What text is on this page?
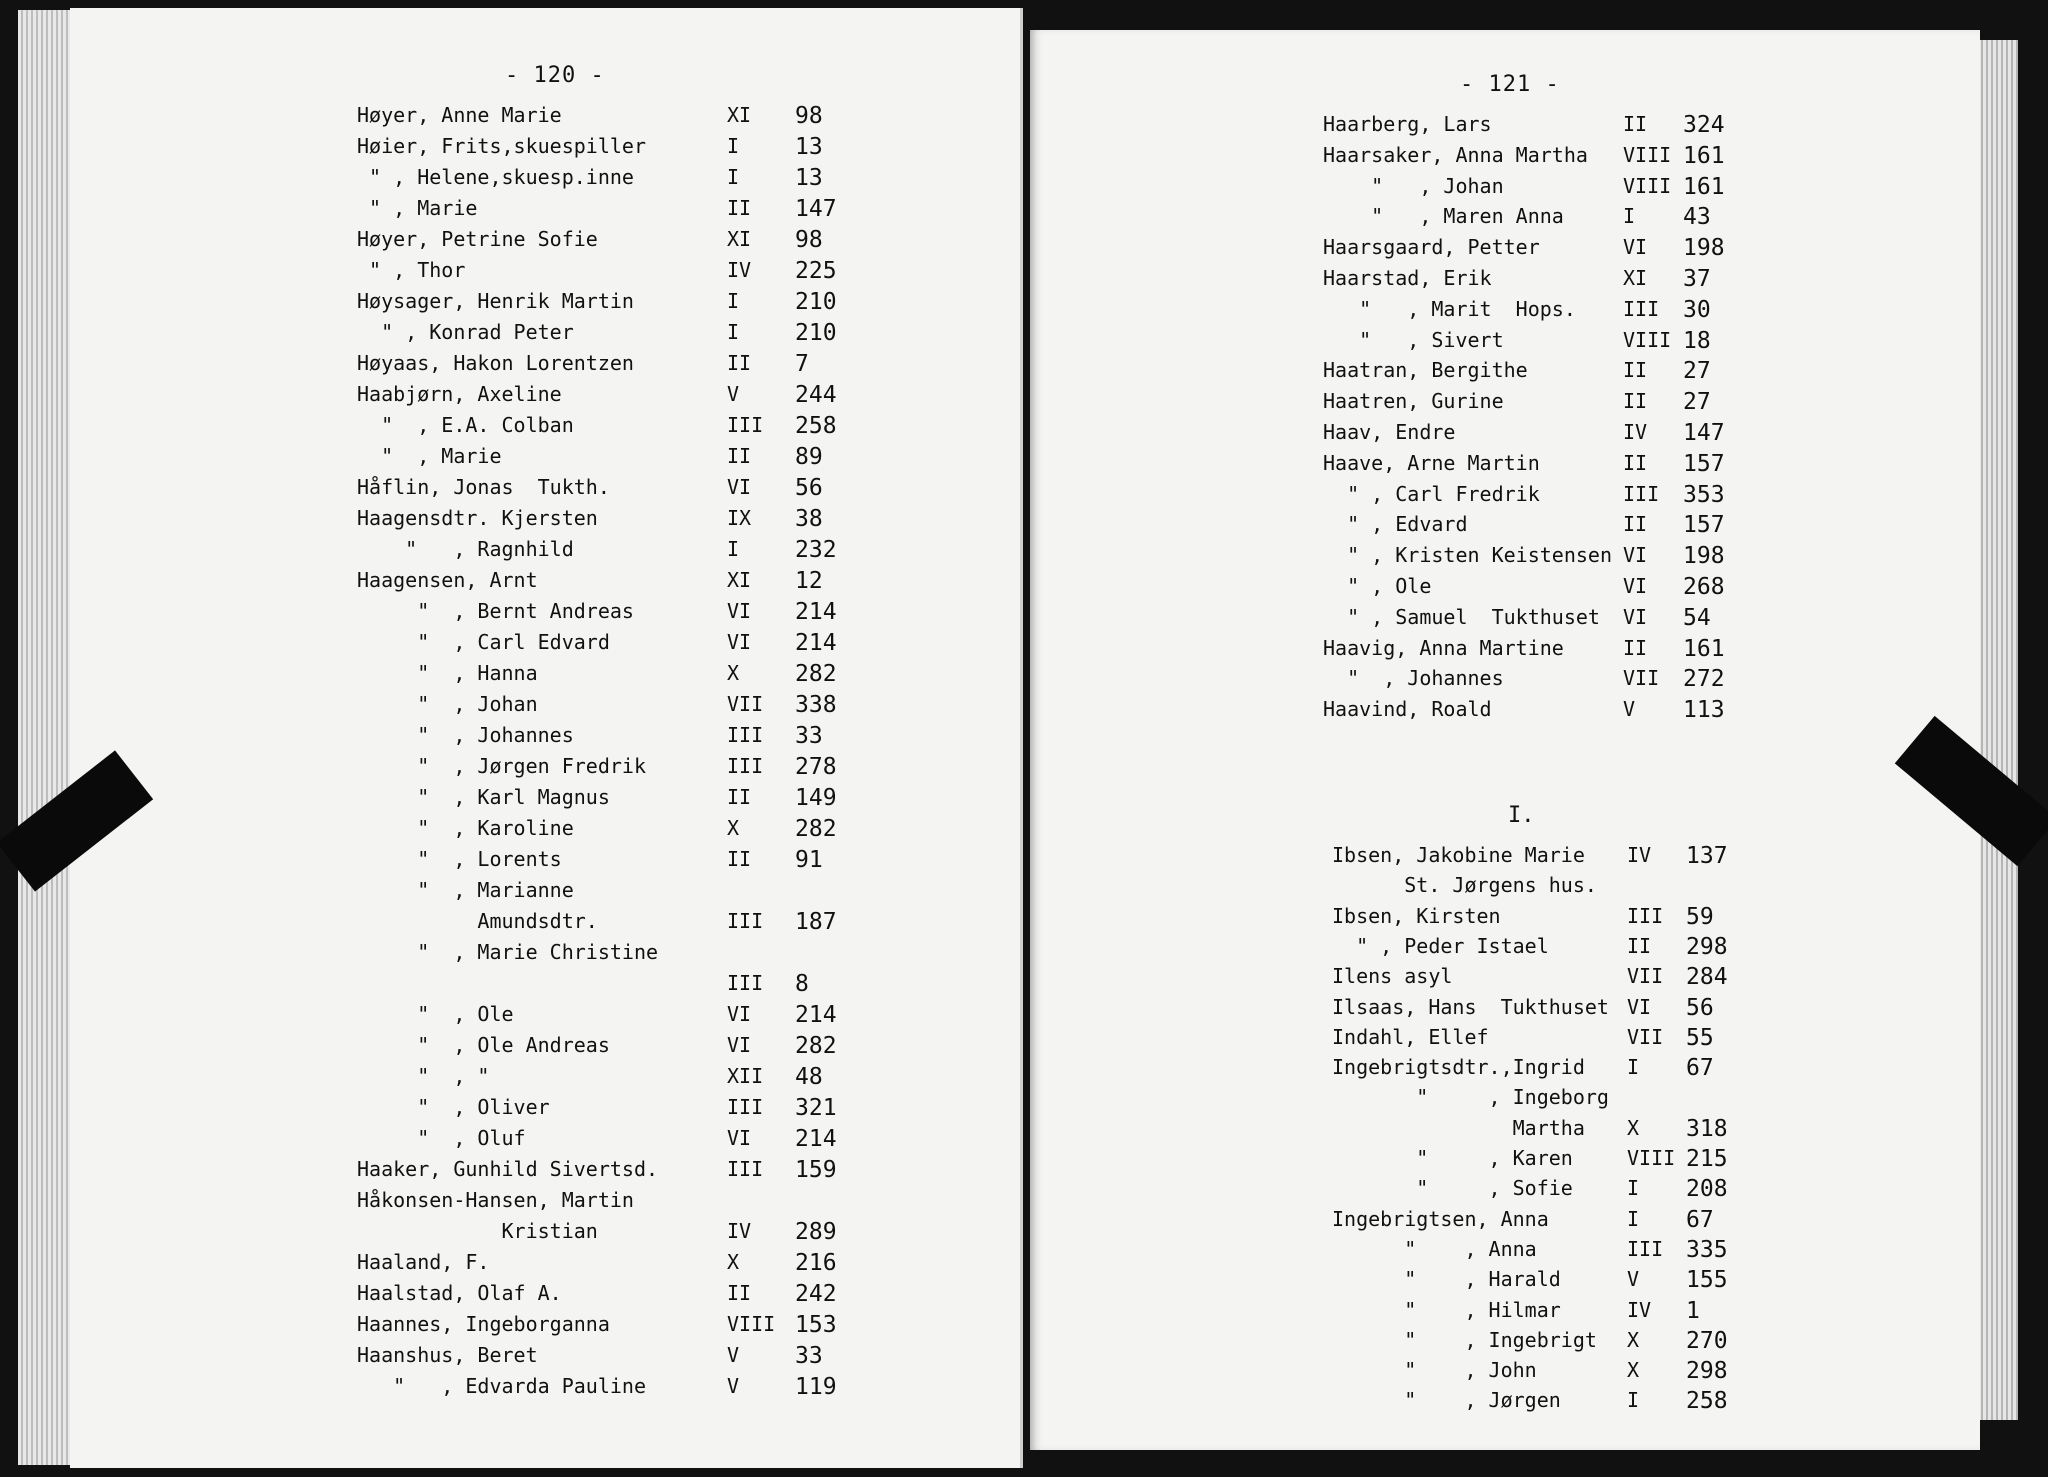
- 120 -
Høyer, Anne Marie	XI 98
Høier, Frits,skuespiller	I 13
" , Helene,skuesp.inne	I 13
" , Marie	II 147
Høyer, Petrine Sofie	XI 98
" , Thor	IV 225
Høysager, Henrik Martin	I 210
" , Konrad Peter	I 210
Høyaas, Hakon Lorentzen	II 7
Haabjørn, Axeline	V 244
"  , E.A. Colban	III 258
"  , Marie	II 89
Håflin, Jonas  Tukth.	VI 56
Haagensdtr. Kjersten	IX 38
"   , Ragnhild	I 232
Haagensen, Arnt	XI 12
"  , Bernt Andreas	VI 214
"  , Carl Edvard	VI 214
"  , Hanna	X 282
"  , Johan	VII 338
"  , Johannes	III 33
"  , Jørgen Fredrik	III 278
"  , Karl Magnus	II 149
"  , Karoline	X 282
"  , Lorents	II 91
"  , Marianne
Amundsdtr.	III 187
"  , Marie Christine
III 8
"  , Ole	VI 214
"  , Ole Andreas	VI 282
"  , "	XII 48
"  , Oliver	III 321
"  , Oluf	VI 214
Haaker, Gunhild Sivertsd.	III 159
Håkonsen-Hansen, Martin
Kristian	IV 289
Haaland, F.	X 216
Haalstad, Olaf A.	II 242
Haannes, Ingeborganna	VIII 153
Haanshus, Beret	V 33
"   , Edvarda Pauline	V 119
- 121 -
Haarberg, Lars	II 324
Haarsaker, Anna Martha VIII 161
"   , Johan	VIII 161
"   , Maren Anna	I 43
Haarsgaard, Petter	VI 198
Haarstad, Erik	XI 37
"   , Marit  Hops. III 30
"   , Sivert	VIII 18
Haatran, Bergithe	II 27
Haatren, Gurine	II 27
Haav, Endre	IV 147
Haave, Arne Martin	II 157
" , Carl Fredrik	III 353
" , Edvard	II 157
" , Kristen Keistensen VI 198
" , Ole	VI 268
" , Samuel  Tukthuset VI 54
Haavig, Anna Martine	II 161
"  , Johannes	VII 272
Haavind, Roald	V 113
I.
Ibsen, Jakobine Marie IV 137
St. Jørgens hus.
Ibsen, Kirsten	III 59
" , Peder Istael	II 298
Ilens asyl	VII 284
Ilsaas, Hans  Tukthuset VI 56
Indahl, Ellef	VII 55
Ingebrigtsdtr.,Ingrid I 67
"     , Ingeborg
Martha X 318
"     , Karen	VIII 215
"     , Sofie	I 208
Ingebrigtsen, Anna	I 67
"    , Anna	III 335
"    , Harald	V 155
"    , Hilmar	IV 1
"    , Ingebrigt X 270
"    , John	X 298
"    , Jørgen	I 258
